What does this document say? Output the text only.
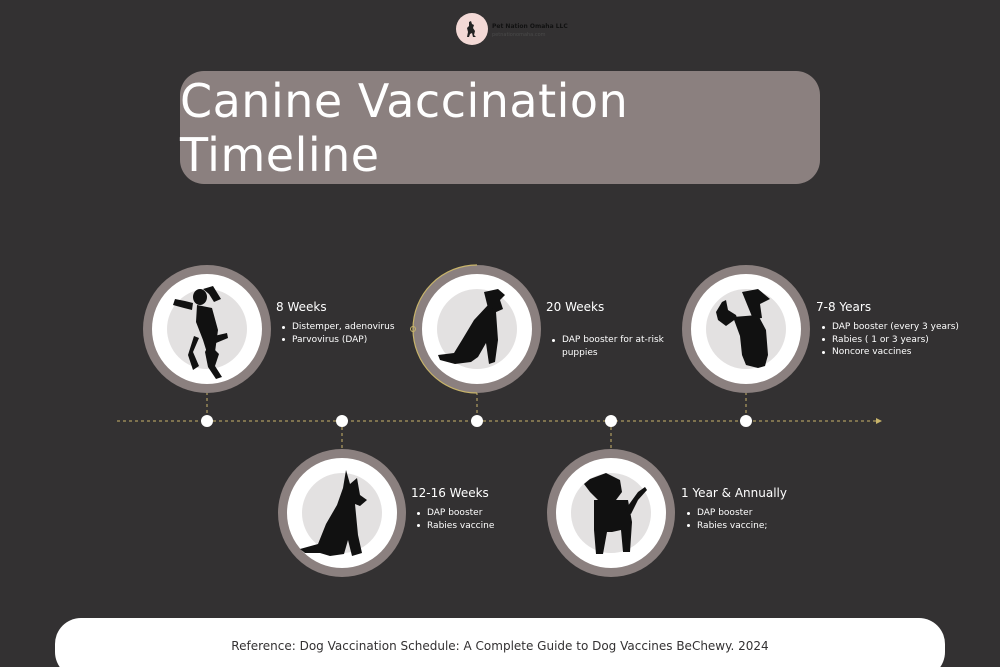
Pet Nation Omaha LLC
petnationomaha.com
Canine Vaccination Timeline
8 Weeks
Distemper, adenovirus
Parvovirus (DAP)
12-16 Weeks
DAP booster
Rabies vaccine
20 Weeks
DAP booster for at-risk
puppies
1 Year & Annually
DAP booster
Rabies vaccine;
7-8 Years
DAP booster (every 3 years)
Rabies ( 1 or 3 years)
Noncore vaccines
Reference: Dog Vaccination Schedule: A Complete Guide to Dog Vaccines BeChewy. 2024
